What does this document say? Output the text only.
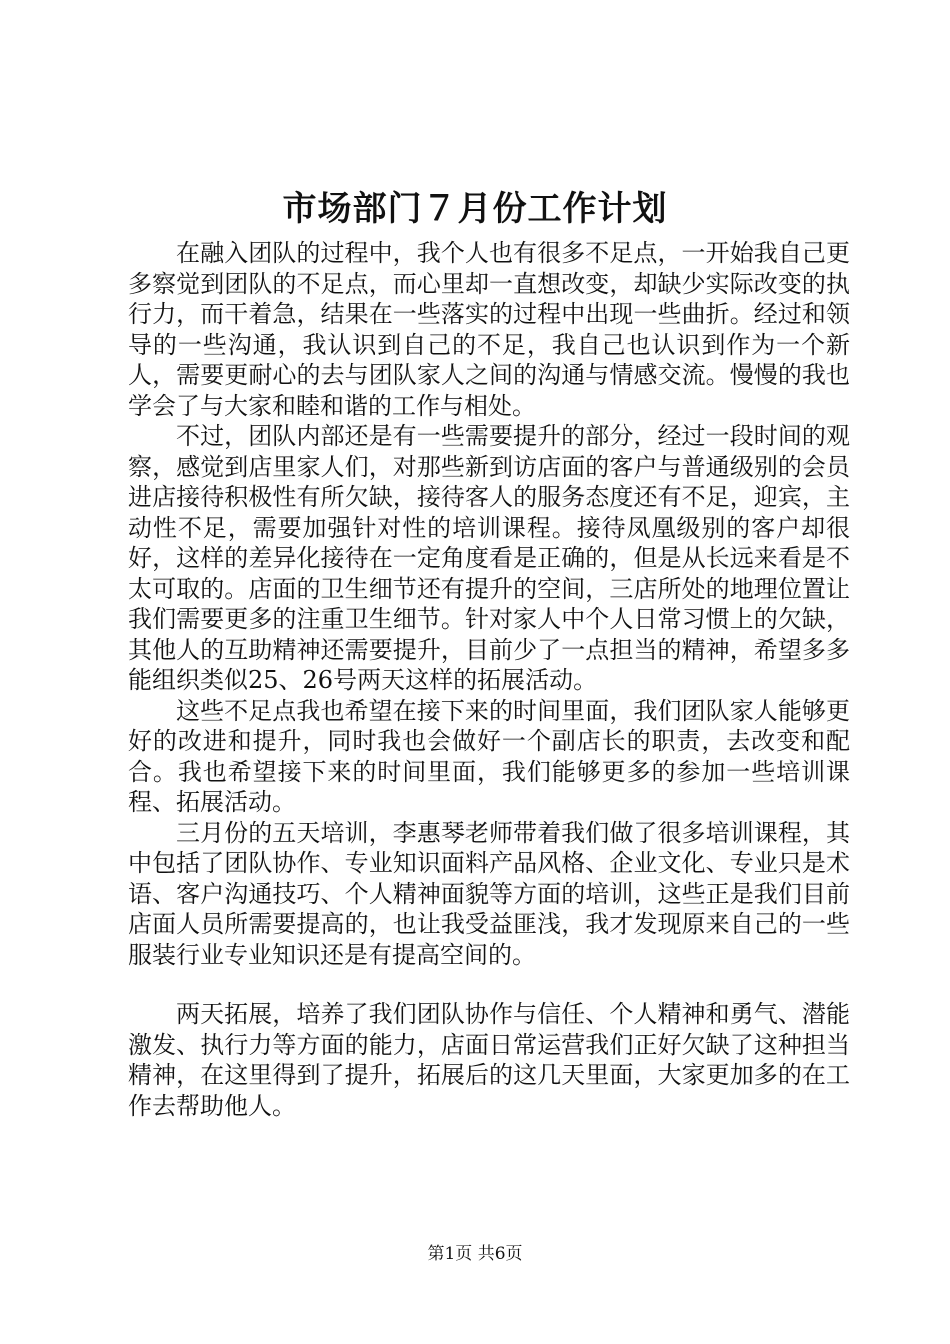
市场部门７月份工作计划

在融入团队的过程中，我个人也有很多不足点，一开始我自己更多察觉到团队的不足点，而心里却一直想改变，却缺少实际改变的执行力，而干着急，结果在一些落实的过程中出现一些曲折。经过和领导的一些沟通，我认识到自己的不足，我自己也认识到作为一个新人，需要更耐心的去与团队家人之间的沟通与情感交流。慢慢的我也学会了与大家和睦和谐的工作与相处。

不过，团队内部还是有一些需要提升的部分，经过一段时间的观察，感觉到店里家人们，对那些新到访店面的客户与普通级别的会员进店接待积极性有所欠缺，接待客人的服务态度还有不足，迎宾，主动性不足，需要加强针对性的培训课程。接待凤凰级别的客户却很好，这样的差异化接待在一定角度看是正确的，但是从长远来看是不太可取的。店面的卫生细节还有提升的空间，三店所处的地理位置让我们需要更多的注重卫生细节。针对家人中个人日常习惯上的欠缺，其他人的互助精神还需要提升，目前少了一点担当的精神，希望多多能组织类似25、26号两天这样的拓展活动。

这些不足点我也希望在接下来的时间里面，我们团队家人能够更好的改进和提升，同时我也会做好一个副店长的职责，去改变和配合。我也希望接下来的时间里面，我们能够更多的参加一些培训课程、拓展活动。

三月份的五天培训，李惠琴老师带着我们做了很多培训课程，其中包括了团队协作、专业知识面料产品风格、企业文化、专业只是术语、客户沟通技巧、个人精神面貌等方面的培训，这些正是我们目前店面人员所需要提高的，也让我受益匪浅，我才发现原来自己的一些服装行业专业知识还是有提高空间的。

两天拓展，培养了我们团队协作与信任、个人精神和勇气、潜能激发、执行力等方面的能力，店面日常运营我们正好欠缺了这种担当精神，在这里得到了提升，拓展后的这几天里面，大家更加多的在工作去帮助他人。

第1页 共6页
